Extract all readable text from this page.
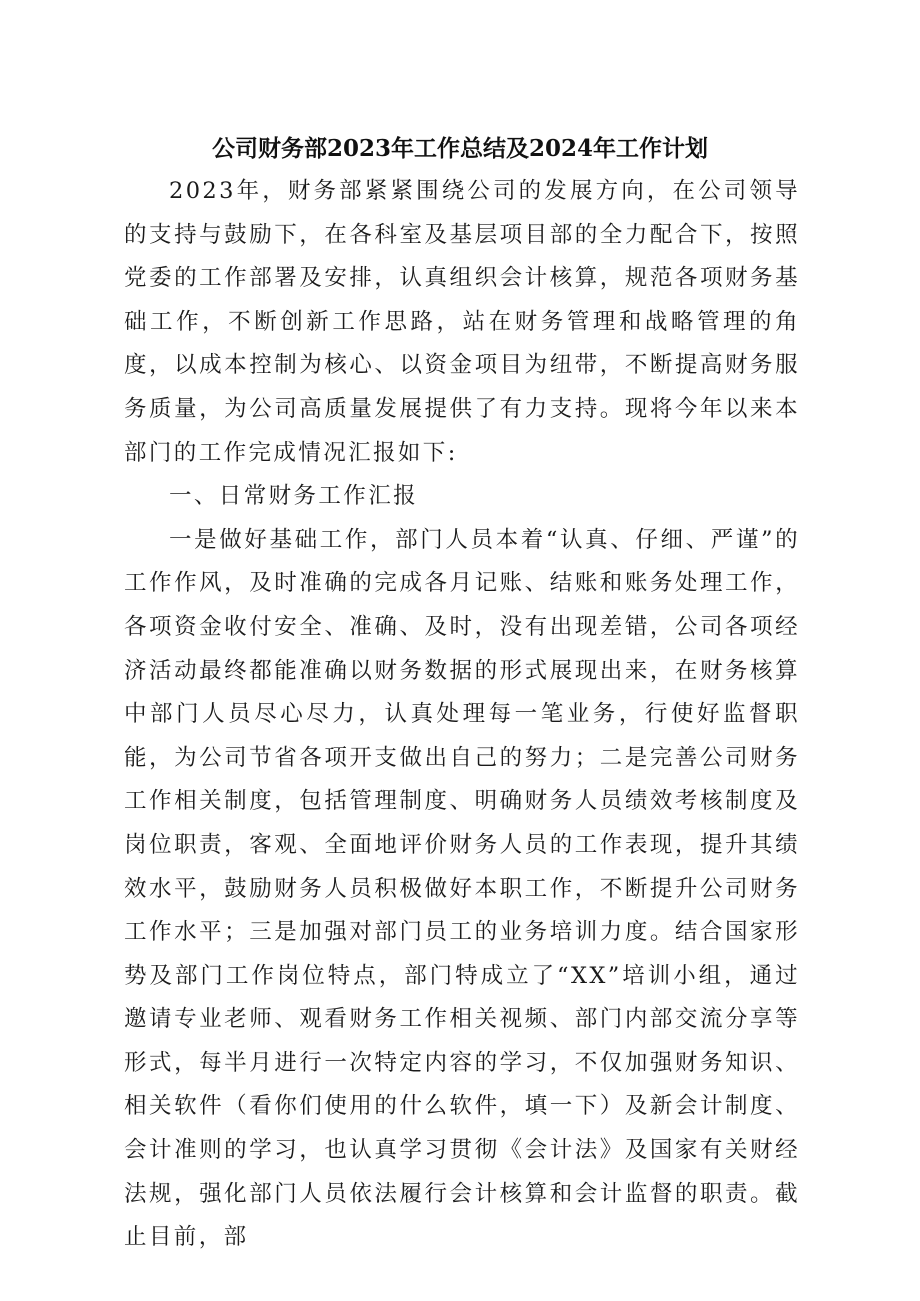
公司财务部2023年工作总结及2024年工作计划

2023年，财务部紧紧围绕公司的发展方向，在公司领导的支持与鼓励下，在各科室及基层项目部的全力配合下，按照党委的工作部署及安排，认真组织会计核算，规范各项财务基础工作，不断创新工作思路，站在财务管理和战略管理的角度，以成本控制为核心、以资金项目为纽带，不断提高财务服务质量，为公司高质量发展提供了有力支持。现将今年以来本部门的工作完成情况汇报如下:

一、日常财务工作汇报

一是做好基础工作，部门人员本着“认真、仔细、严谨”的工作作风，及时准确的完成各月记账、结账和账务处理工作，各项资金收付安全、准确、及时，没有出现差错，公司各项经济活动最终都能准确以财务数据的形式展现出来，在财务核算中部门人员尽心尽力，认真处理每一笔业务，行使好监督职能，为公司节省各项开支做出自己的努力；二是完善公司财务工作相关制度，包括管理制度、明确财务人员绩效考核制度及岗位职责，客观、全面地评价财务人员的工作表现，提升其绩效水平，鼓励财务人员积极做好本职工作，不断提升公司财务工作水平；三是加强对部门员工的业务培训力度。结合国家形势及部门工作岗位特点，部门特成立了“XX”培训小组，通过邀请专业老师、观看财务工作相关视频、部门内部交流分享等形式，每半月进行一次特定内容的学习，不仅加强财务知识、相关软件（看你们使用的什么软件，填一下）及新会计制度、会计准则的学习，也认真学习贯彻《会计法》及国家有关财经法规，强化部门人员依法履行会计核算和会计监督的职责。截止目前，部
